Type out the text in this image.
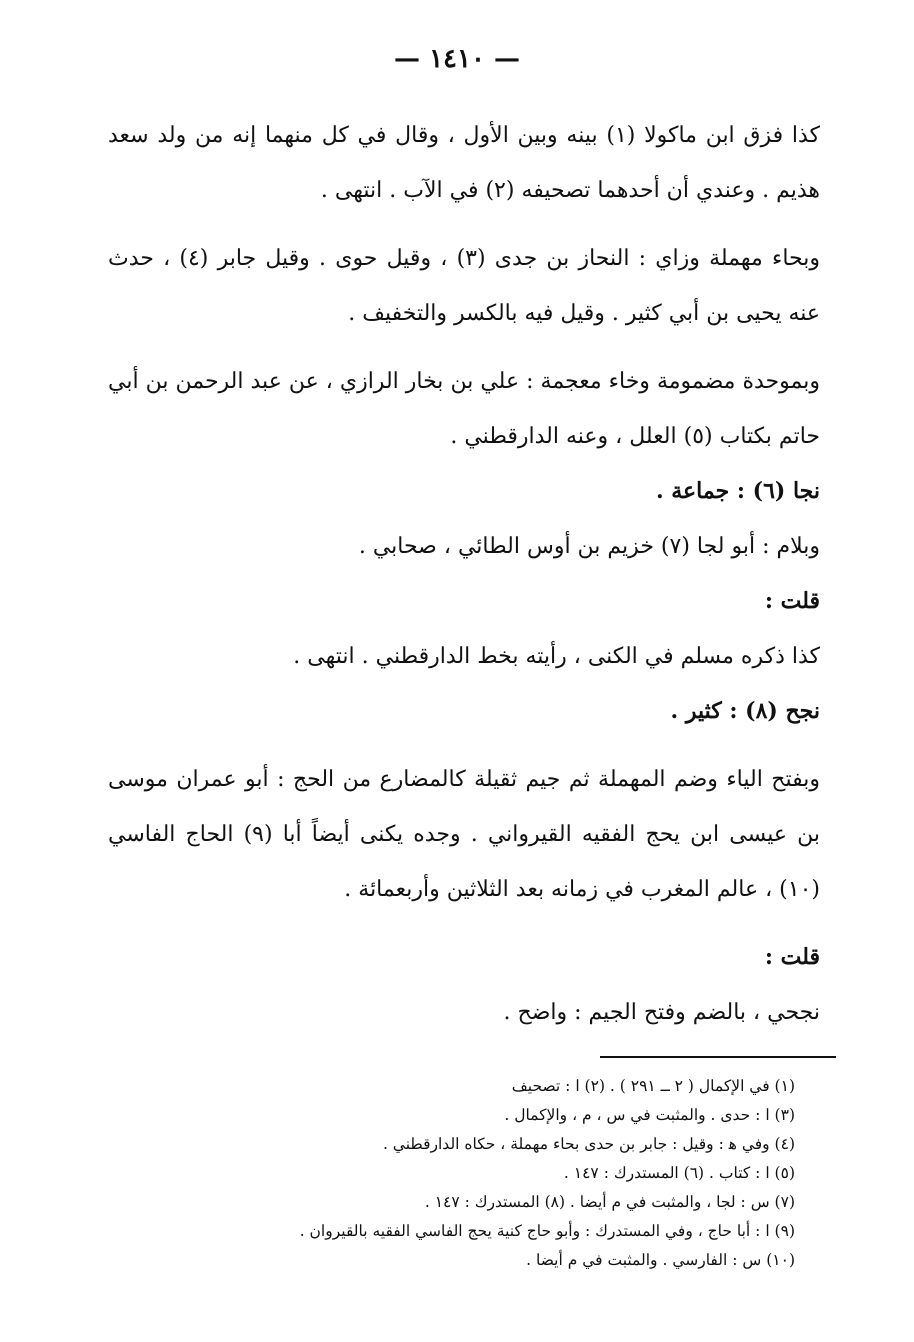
— ١٤١٠ —

كذا فزق ابن ماكولا (١) بينه وبين الأول ، وقال في كل منهما إنه من ولد سعد هذيم . وعندي أن أحدهما تصحيفه (٢) في الآب . انتهى .

وبحاء مهملة وزاي : النحاز بن جدى (٣) ، وقيل حوى . وقيل جابر (٤) ، حدث عنه يحيى بن أبي كثير . وقيل فيه بالكسر والتخفيف .

وبموحدة مضمومة وخاء معجمة : علي بن بخار الرازي ، عن عبد الرحمن بن أبي حاتم بكتاب (٥) العلل ، وعنه الدارقطني .

نجا (٦) : جماعة .

وبلام : أبو لجا (٧) خزيم بن أوس الطائي ، صحابي .

قلت :

كذا ذكره مسلم في الكنى ، رأيته بخط الدارقطني . انتهى .

نجح (٨) : كثير .

وبفتح الياء وضم المهملة ثم جيم ثقيلة كالمضارع من الحج : أبو عمران موسى بن عيسى ابن يحج الفقيه القيرواني . وجده يكنى أيضاً أبا (٩) الحاج الفاسي (١٠) ، عالم المغرب في زمانه بعد الثلاثين وأربعمائة .

قلت :

نجحي ، بالضم وفتح الجيم : واضح .

(١) في الإكمال ( ٢ ــ ٢٩١ ) . (٢) ا : تصحيف
(٣) ا : حدى . والمثبت في س ، م ، والإكمال .
(٤) وفي ﻫ : وقيل : جابر بن حدى بحاء مهملة ، حكاه الدارقطني .
(٥) ا : كتاب . (٦) المستدرك : ١٤٧ .
(٧) س : لجا ، والمثبت في م أيضا . (٨) المستدرك : ١٤٧ .
(٩) ا : أبا حاج ، وفي المستدرك : وأبو حاج كنية يحج الفاسي الفقيه بالقيروان .
(١٠) س : الفارسي . والمثبت في م أيضا .
